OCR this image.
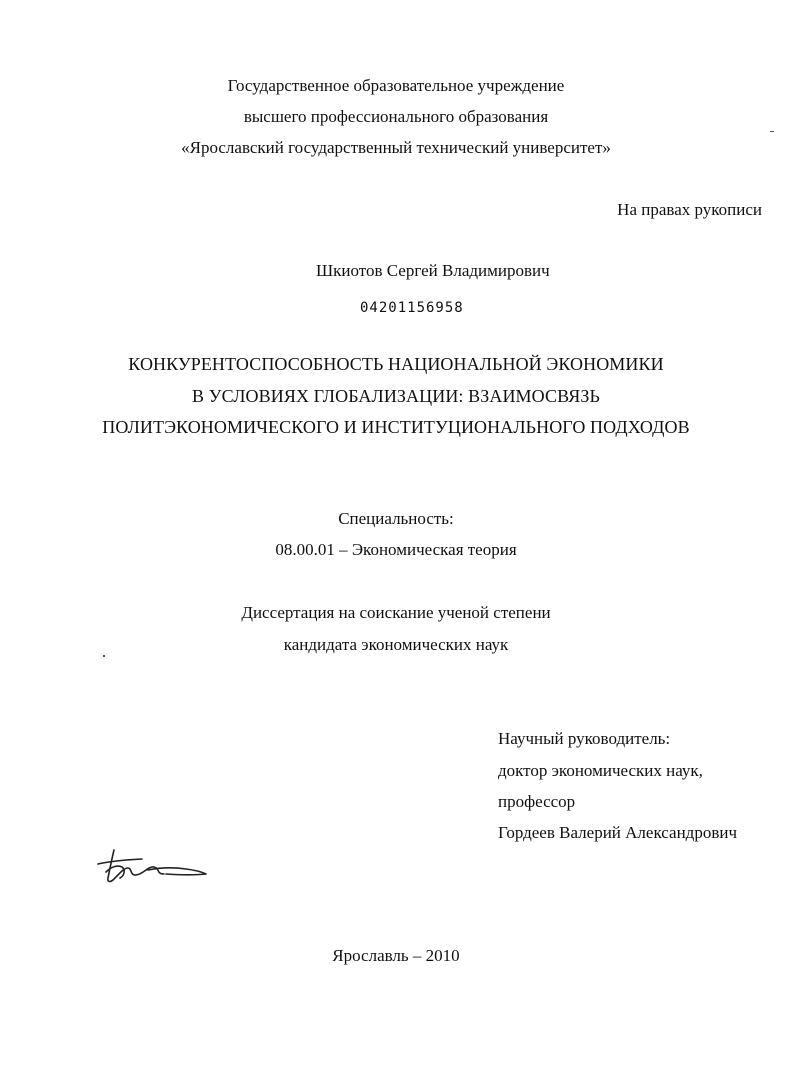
Государственное образовательное учреждение
высшего профессионального образования
«Ярославский государственный технический университет»
На правах рукописи
Шкиотов Сергей Владимирович
04201156958
КОНКУРЕНТОСПОСОБНОСТЬ НАЦИОНАЛЬНОЙ ЭКОНОМИКИ
В УСЛОВИЯХ ГЛОБАЛИЗАЦИИ: ВЗАИМОСВЯЗЬ
ПОЛИТЭКОНОМИЧЕСКОГО И ИНСТИТУЦИОНАЛЬНОГО ПОДХОДОВ
Специальность:
08.00.01 – Экономическая теория
Диссертация на соискание ученой степени
кандидата экономических наук
Научный руководитель:
доктор экономических наук,
профессор
Гордеев Валерий Александрович
Ярославль – 2010
